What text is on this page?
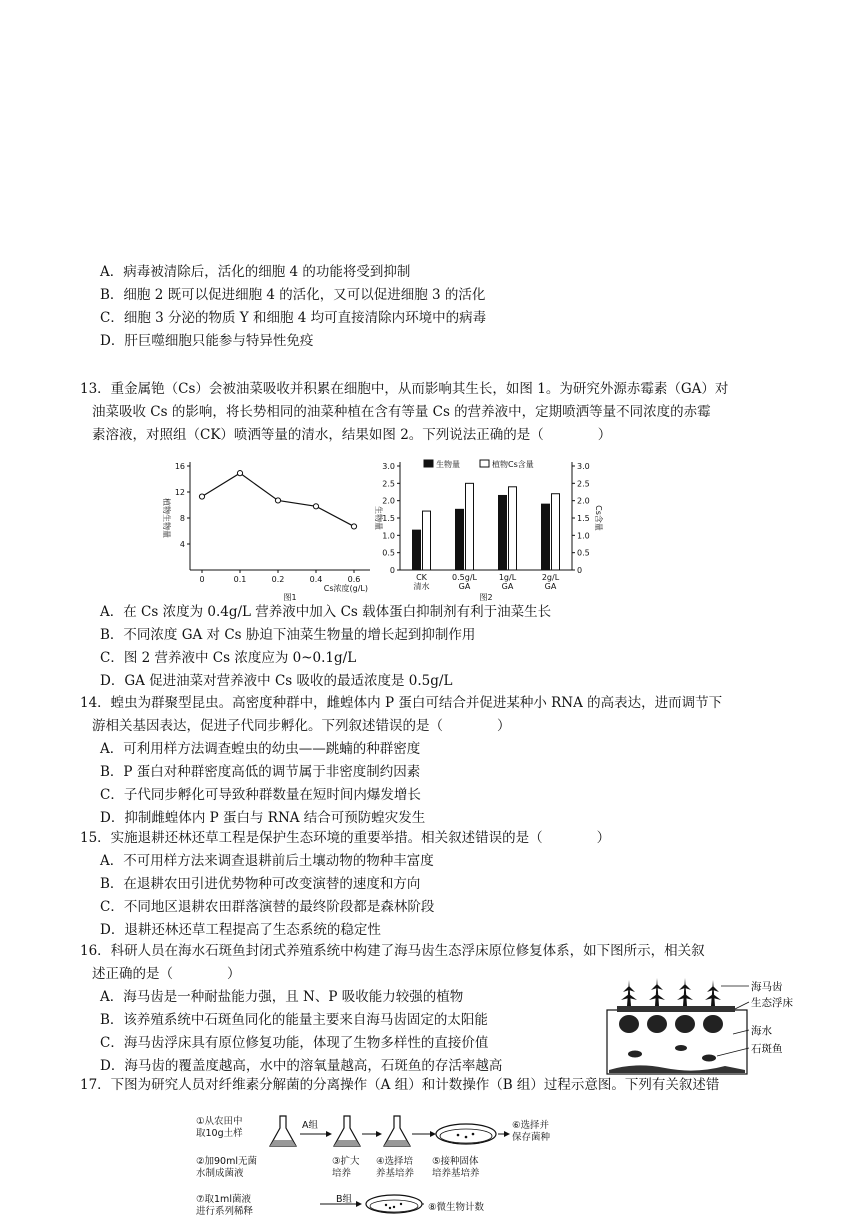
A．病毒被清除后，活化的细胞 4 的功能将受到抑制
B．细胞 2 既可以促进细胞 4 的活化，又可以促进细胞 3 的活化
C．细胞 3 分泌的物质 Y 和细胞 4 均可直接清除内环境中的病毒
D．肝巨噬细胞只能参与特异性免疫
13．重金属铯（Cs）会被油菜吸收并积累在细胞中，从而影响其生长，如图 1。为研究外源赤霉素（GA）对
油菜吸收 Cs 的影响，将长势相同的油菜种植在含有等量 Cs 的营养液中，定期喷洒等量不同浓度的赤霉
素溶液，对照组（CK）喷洒等量的清水，结果如图 2。下列说法正确的是（　　　　）
4
8
12
16
0	0.1	0.2	0.4	0.6
Cs浓度(g/L)
植物生物量
图1
0	0
0.5	0.5
1.0	1.0
1.5	1.5
2.0	2.0
2.5	2.5
3.0	3.0
CK
清水
0.5g/L
GA
1g/L
GA
2g/L
GA
生物量	植物Cs含量
生物量	Cs含量
图2
A．在 Cs 浓度为 0.4g/L 营养液中加入 Cs 载体蛋白抑制剂有利于油菜生长
B．不同浓度 GA 对 Cs 胁迫下油菜生物量的增长起到抑制作用
C．图 2 营养液中 Cs 浓度应为 0~0.1g/L
D．GA 促进油菜对营养液中 Cs 吸收的最适浓度是 0.5g/L
14．蝗虫为群聚型昆虫。高密度种群中，雌蝗体内 P 蛋白可结合并促进某种小 RNA 的高表达，进而调节下
游相关基因表达，促进子代同步孵化。下列叙述错误的是（　　　　）
A．可利用样方法调查蝗虫的幼虫——跳蝻的种群密度
B．P 蛋白对种群密度高低的调节属于非密度制约因素
C．子代同步孵化可导致种群数量在短时间内爆发增长
D．抑制雌蝗体内 P 蛋白与 RNA 结合可预防蝗灾发生
15．实施退耕还林还草工程是保护生态环境的重要举措。相关叙述错误的是（　　　　）
A．不可用样方法来调查退耕前后土壤动物的物种丰富度
B．在退耕农田引进优势物种可改变演替的速度和方向
C．不同地区退耕农田群落演替的最终阶段都是森林阶段
D．退耕还林还草工程提高了生态系统的稳定性
16．科研人员在海水石斑鱼封闭式养殖系统中构建了海马齿生态浮床原位修复体系，如下图所示，相关叙
述正确的是（　　　　）
A．海马齿是一种耐盐能力强，且 N、P 吸收能力较强的植物
B．该养殖系统中石斑鱼同化的能量主要来自海马齿固定的太阳能
C．海马齿浮床具有原位修复功能，体现了生物多样性的直接价值
D．海马齿的覆盖度越高，水中的溶氧量越高，石斑鱼的存活率越高
海马齿
生态浮床
海水
石斑鱼
17．下图为研究人员对纤维素分解菌的分离操作（A 组）和计数操作（B 组）过程示意图。下列有关叙述错
①从农田中
取10g土样
②加90ml无菌
水制成菌液
A组
③扩大
培养
④选择培
养基培养
⑤接种固体
培养基培养
⑥选择并
保存菌种
⑦取1ml菌液
进行系列稀释
B组
⑧微生物计数
